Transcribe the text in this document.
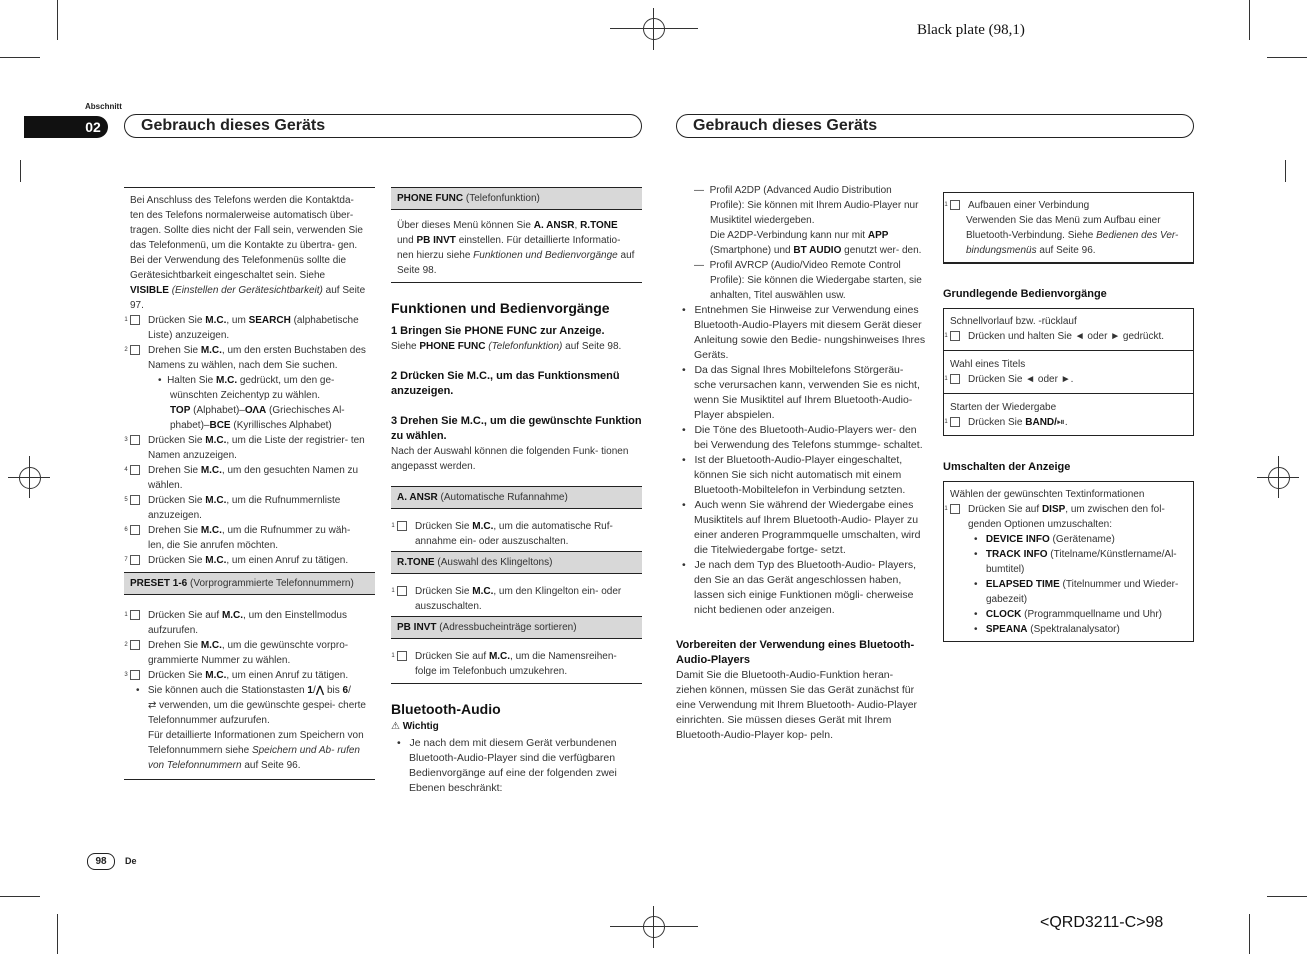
Black plate (98,1)
<QRD3211-C>98
Abschnitt
02	Gebrauch dieses Geräts	Gebrauch dieses Geräts

Bei Anschluss des Telefons werden die Kontaktda- ten des Telefons normalerweise automatisch über- tragen. Sollte dies nicht der Fall sein, verwenden Sie das Telefonmenü, um die Kontakte zu übertra- gen. Bei der Verwendung des Telefonmenüs sollte die Gerätesichtbarkeit eingeschaltet sein. Siehe
VISIBLE (Einstellen der Gerätesichtbarkeit) auf Seite 97.

1 Drücken Sie M.C., um SEARCH (alphabetische Liste) anzuzeigen.

2 Drehen Sie M.C., um den ersten Buchstaben des Namens zu wählen, nach dem Sie suchen.

•  Halten Sie M.C. gedrückt, um den ge- wünschten Zeichentyp zu wählen.
TOP (Alphabet)–ΟΛΑ (Griechisches Al- phabet)–BCE (Kyrillisches Alphabet)

3 Drücken Sie M.C., um die Liste der registrier- ten Namen anzuzeigen.

4 Drehen Sie M.C., um den gesuchten Namen zu wählen.

5 Drücken Sie M.C., um die Rufnummernliste anzuzeigen.

6 Drehen Sie M.C., um die Rufnummer zu wäh- len, die Sie anrufen möchten.

7 Drücken Sie M.C., um einen Anruf zu tätigen.

PRESET 1-6 (Vorprogrammierte Telefonnummern)

1 Drücken Sie auf M.C., um den Einstellmodus aufzurufen.

2 Drehen Sie M.C., um die gewünschte vorpro- grammierte Nummer zu wählen.

3 Drücken Sie M.C., um einen Anruf zu tätigen.

•   Sie können auch die Stationstasten 1/⋀ bis 6/
⇄ verwenden, um die gewünschte gespei- cherte Telefonnummer aufzurufen.
Für detaillierte Informationen zum Speichern von Telefonnummern siehe Speichern und Ab- rufen von Telefonnummern auf Seite 96.

PHONE FUNC (Telefonfunktion)

Über dieses Menü können Sie A. ANSR, R.TONE
und PB INVT einstellen. Für detaillierte Informatio- nen hierzu siehe Funktionen und Bedienvorgänge auf Seite 98.

Funktionen und Bedienvorgänge

1 Bringen Sie PHONE FUNC zur Anzeige.

Siehe PHONE FUNC (Telefonfunktion) auf Seite 98.

2 Drücken Sie M.C., um das Funktionsmenü anzuzeigen.

3 Drehen Sie M.C., um die gewünschte Funktion zu wählen.

Nach der Auswahl können die folgenden Funk- tionen angepasst werden.

A. ANSR (Automatische Rufannahme)

1 Drücken Sie M.C., um die automatische Ruf- annahme ein- oder auszuschalten.

R.TONE (Auswahl des Klingeltons)

1 Drücken Sie M.C., um den Klingelton ein- oder auszuschalten.

PB INVT (Adressbucheinträge sortieren)

1 Drücken Sie auf M.C., um die Namensreihen- folge im Telefonbuch umzukehren.

Bluetooth-Audio

⚠ Wichtig

•   Je nach dem mit diesem Gerät verbundenen Bluetooth-Audio-Player sind die verfügbaren Bedienvorgänge auf eine der folgenden zwei Ebenen beschränkt:

—  Profil A2DP (Advanced Audio Distribution Profile): Sie können mit Ihrem Audio-Player nur Musiktitel wiedergeben.
Die A2DP-Verbindung kann nur mit APP (Smartphone) und BT AUDIO genutzt wer- den.

—  Profil AVRCP (Audio/Video Remote Control Profile): Sie können die Wiedergabe starten, sie anhalten, Titel auswählen usw.

•   Entnehmen Sie Hinweise zur Verwendung eines Bluetooth-Audio-Players mit diesem Gerät dieser Anleitung sowie den Bedie- nungshinweises Ihres Geräts.

•   Da das Signal Ihres Mobiltelefons Störgeräu- sche verursachen kann, verwenden Sie es nicht, wenn Sie Musiktitel auf Ihrem Bluetooth-Audio-Player abspielen.

•   Die Töne des Bluetooth-Audio-Players wer- den bei Verwendung des Telefons stummge- schaltet.

•   Ist der Bluetooth-Audio-Player eingeschaltet, können Sie sich nicht automatisch mit einem Bluetooth-Mobiltelefon in Verbindung setzten.

•   Auch wenn Sie während der Wiedergabe eines Musiktitels auf Ihrem Bluetooth-Audio- Player zu einer anderen Programmquelle umschalten, wird die Titelwiedergabe fortge- setzt.

•   Je nach dem Typ des Bluetooth-Audio- Players, den Sie an das Gerät angeschlossen haben, lassen sich einige Funktionen mögli- cherweise nicht bedienen oder anzeigen.

Vorbereiten der Verwendung eines Bluetooth-Audio-Players

Damit Sie die Bluetooth-Audio-Funktion heran- ziehen können, müssen Sie das Gerät zunächst für eine Verwendung mit Ihrem Bluetooth- Audio-Player einrichten. Sie müssen dieses Gerät mit Ihrem Bluetooth-Audio-Player kop- peln.

1 Aufbauen einer Verbindung

Verwenden Sie das Menü zum Aufbau einer Bluetooth-Verbindung. Siehe Bedienen des Ver- bindungsmenüs auf Seite 96.

Grundlegende Bedienvorgänge

Schnellvorlauf bzw. -rücklauf

1 Drücken und halten Sie ◄ oder ► gedrückt.

Wahl eines Titels

1 Drücken Sie ◄ oder ►.

Starten der Wiedergabe

1 Drücken Sie BAND/⏯.

Umschalten der Anzeige

Wählen der gewünschten Textinformationen

1 Drücken Sie auf DISP, um zwischen den fol- genden Optionen umzuschalten:

•   DEVICE INFO (Gerätename)

•   TRACK INFO (Titelname/Künstlername/Al- bumtitel)

•   ELAPSED TIME (Titelnummer und Wieder- gabezeit)

•   CLOCK (Programmquellname und Uhr)

•   SPEANA (Spektralanalysator)

98	De
